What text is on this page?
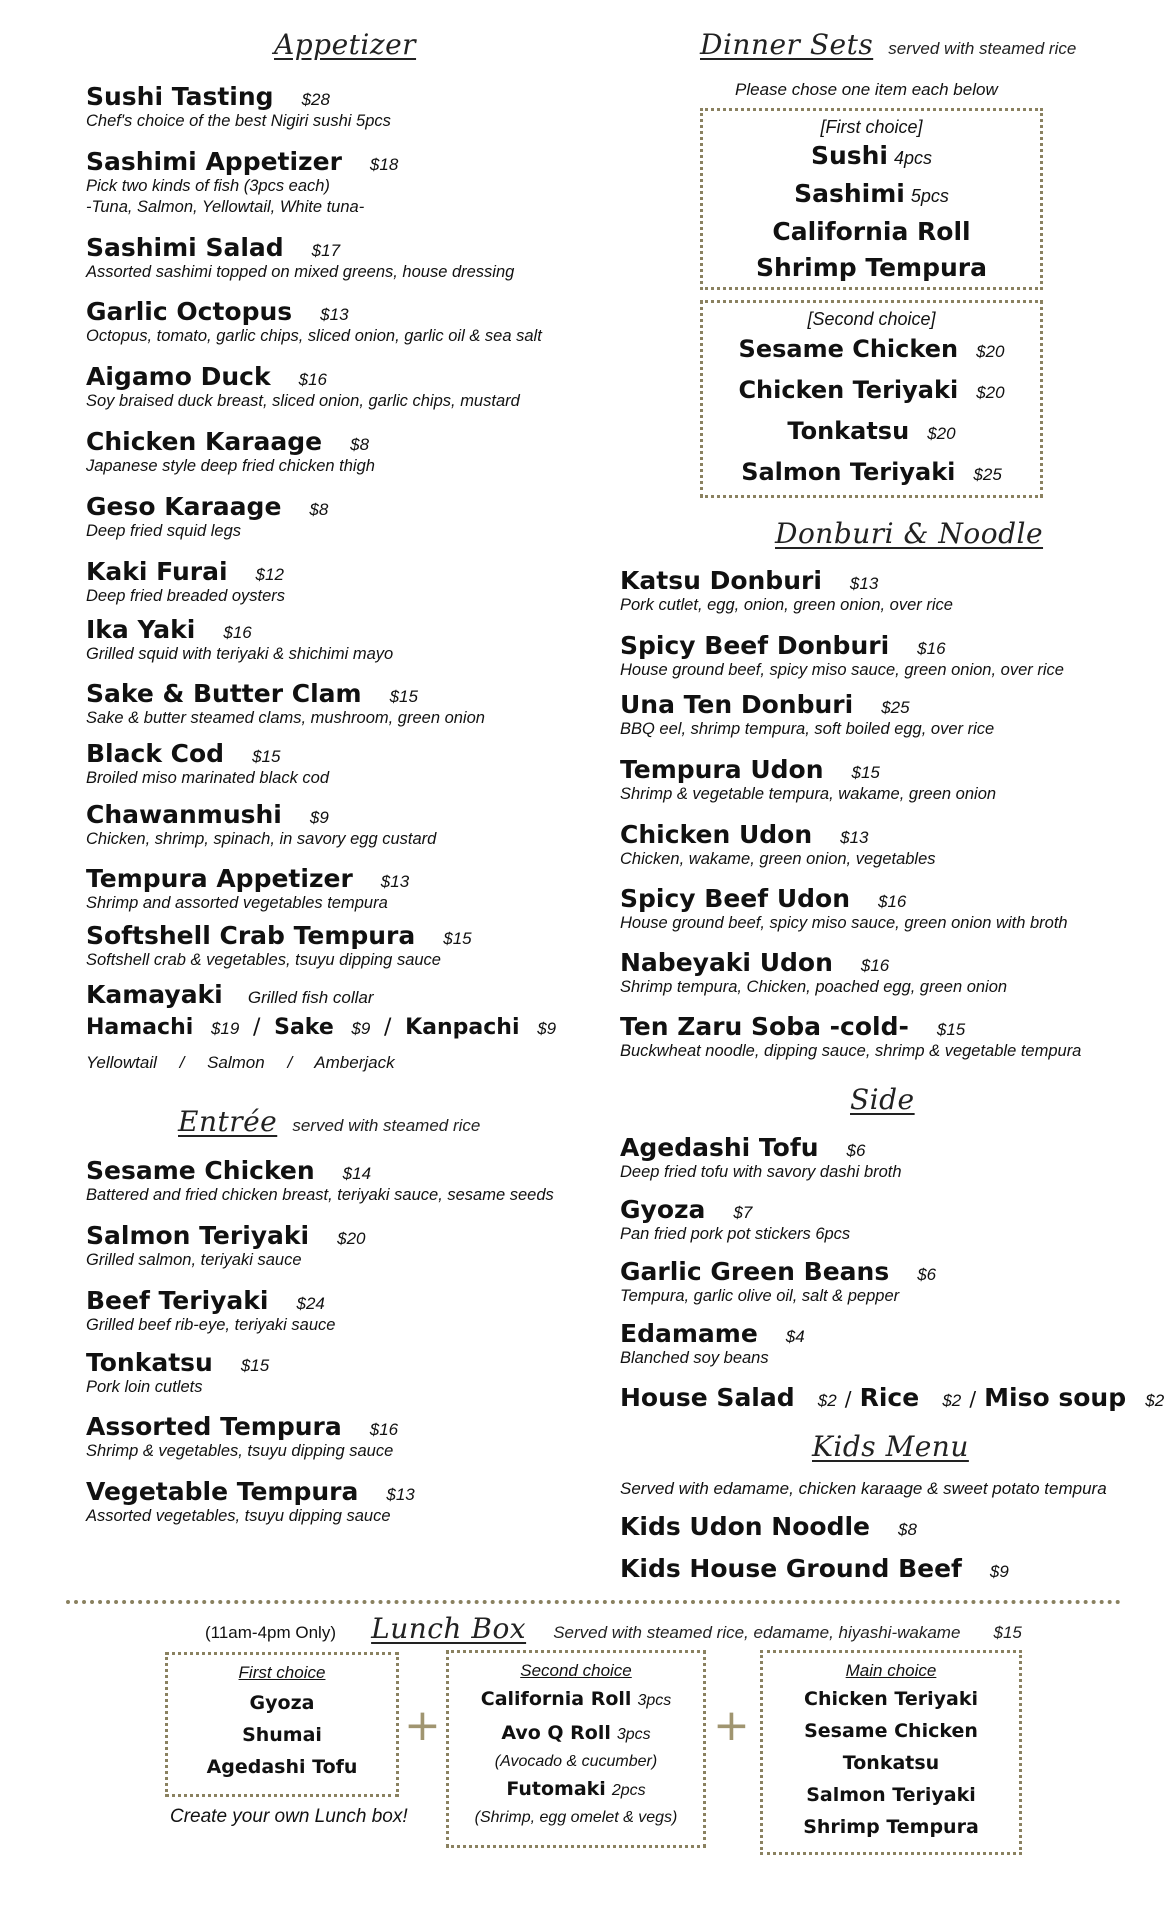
Appetizer
Sushi Tasting $28
Chef's choice of the best Nigiri sushi 5pcs
Sashimi Appetizer $18
Pick two kinds of fish (3pcs each)
-Tuna, Salmon, Yellowtail, White tuna-
Sashimi Salad $17
Assorted sashimi topped on mixed greens, house dressing
Garlic Octopus $13
Octopus, tomato, garlic chips, sliced onion, garlic oil & sea salt
Aigamo Duck $16
Soy braised duck breast, sliced onion, garlic chips, mustard
Chicken Karaage $8
Japanese style deep fried chicken thigh
Geso Karaage $8
Deep fried squid legs
Kaki Furai $12
Deep fried breaded oysters
Ika Yaki $16
Grilled squid with teriyaki & shichimi mayo
Sake & Butter Clam $15
Sake & butter steamed clams, mushroom, green onion
Black Cod $15
Broiled miso marinated black cod
Chawanmushi $9
Chicken, shrimp, spinach, in savory egg custard
Tempura Appetizer $13
Shrimp and assorted vegetables tempura
Softshell Crab Tempura $15
Softshell crab & vegetables, tsuyu dipping sauce
Kamayaki Grilled fish collar
Hamachi $19 / Sake $9 / Kanpachi $9
Yellowtail / Salmon / Amberjack
Entrée served with steamed rice
Sesame Chicken $14
Battered and fried chicken breast, teriyaki sauce, sesame seeds
Salmon Teriyaki $20
Grilled salmon, teriyaki sauce
Beef Teriyaki $24
Grilled beef rib-eye, teriyaki sauce
Tonkatsu $15
Pork loin cutlets
Assorted Tempura $16
Shrimp & vegetables, tsuyu dipping sauce
Vegetable Tempura $13
Assorted vegetables, tsuyu dipping sauce
Dinner Sets served with steamed rice
Please chose one item each below
[First choice]
Sushi 4pcs
Sashimi 5pcs
California Roll
Shrimp Tempura
[Second choice]
Sesame Chicken $20
Chicken Teriyaki $20
Tonkatsu $20
Salmon Teriyaki $25
Donburi & Noodle
Katsu Donburi $13
Pork cutlet, egg, onion, green onion, over rice
Spicy Beef Donburi $16
House ground beef, spicy miso sauce, green onion, over rice
Una Ten Donburi $25
BBQ eel, shrimp tempura, soft boiled egg, over rice
Tempura Udon $15
Shrimp & vegetable tempura, wakame, green onion
Chicken Udon $13
Chicken, wakame, green onion, vegetables
Spicy Beef Udon $16
House ground beef, spicy miso sauce, green onion with broth
Nabeyaki Udon $16
Shrimp tempura, Chicken, poached egg, green onion
Ten Zaru Soba -cold- $15
Buckwheat noodle, dipping sauce, shrimp & vegetable tempura
Side
Agedashi Tofu $6
Deep fried tofu with savory dashi broth
Gyoza $7
Pan fried pork pot stickers 6pcs
Garlic Green Beans $6
Tempura, garlic olive oil, salt & pepper
Edamame $4
Blanched soy beans
House Salad $2 / Rice $2 / Miso soup $2
Kids Menu
Served with edamame, chicken karaage & sweet potato tempura
Kids Udon Noodle $8
Kids House Ground Beef $9
(11am-4pm Only) Lunch Box Served with steamed rice, edamame, hiyashi-wakame $15
First choice
Gyoza
Shumai
Agedashi Tofu
Create your own Lunch box!
+
Second choice
California Roll 3pcs
Avo Q Roll 3pcs
(Avocado & cucumber)
Futomaki 2pcs
(Shrimp, egg omelet & vegs)
+
Main choice
Chicken Teriyaki
Sesame Chicken
Tonkatsu
Salmon Teriyaki
Shrimp Tempura
